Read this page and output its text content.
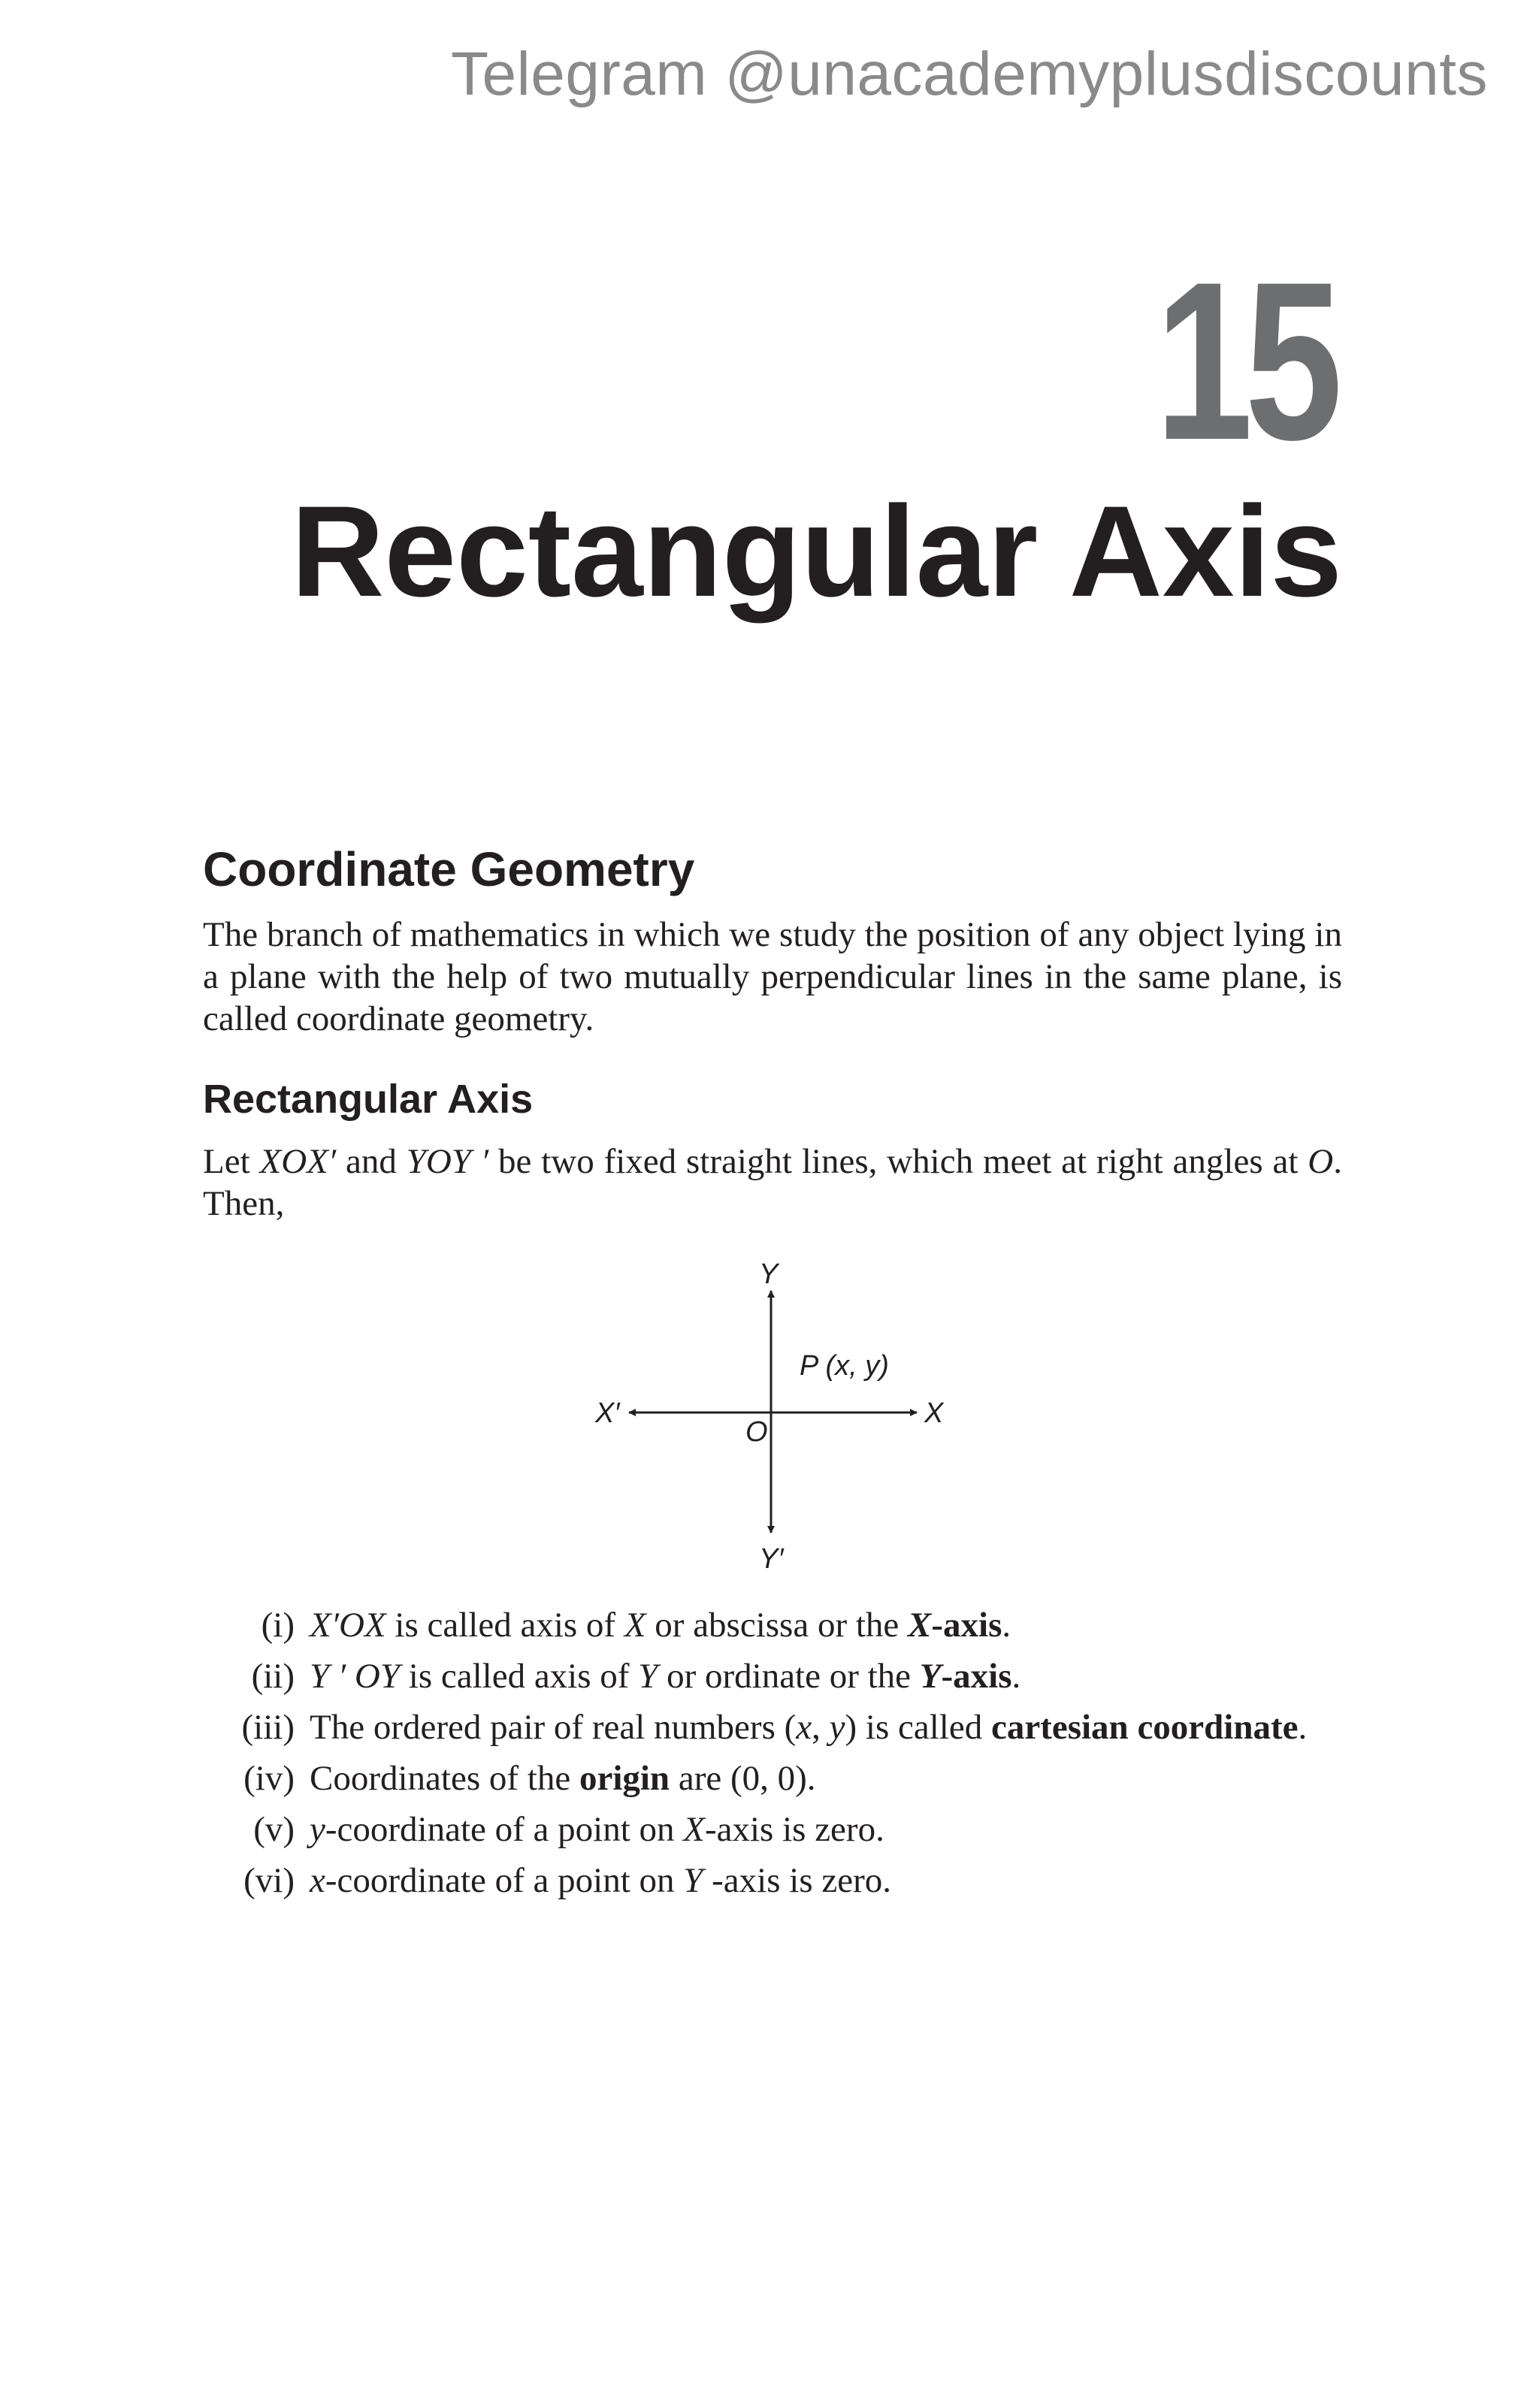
Telegram @unacademyplusdiscounts
15
Rectangular Axis
Coordinate Geometry

The branch of mathematics in which we study the position of any object lying in a plane with the help of two mutually perpendicular lines in the same plane, is called coordinate geometry.

Rectangular Axis

Let XOX′ and YOY ′ be two fixed straight lines, which meet at right angles at O. Then,

Y
Y′
X
X′
O
P (x, y)
(i) X′OX is called axis of X or abscissa or the X-axis.
(ii) Y ′ OY is called axis of Y or ordinate or the Y-axis.
(iii) The ordered pair of real numbers (x, y) is called cartesian coordinate.
(iv) Coordinates of the origin are (0, 0).
(v) y-coordinate of a point on X-axis is zero.
(vi) x-coordinate of a point on Y -axis is zero.
